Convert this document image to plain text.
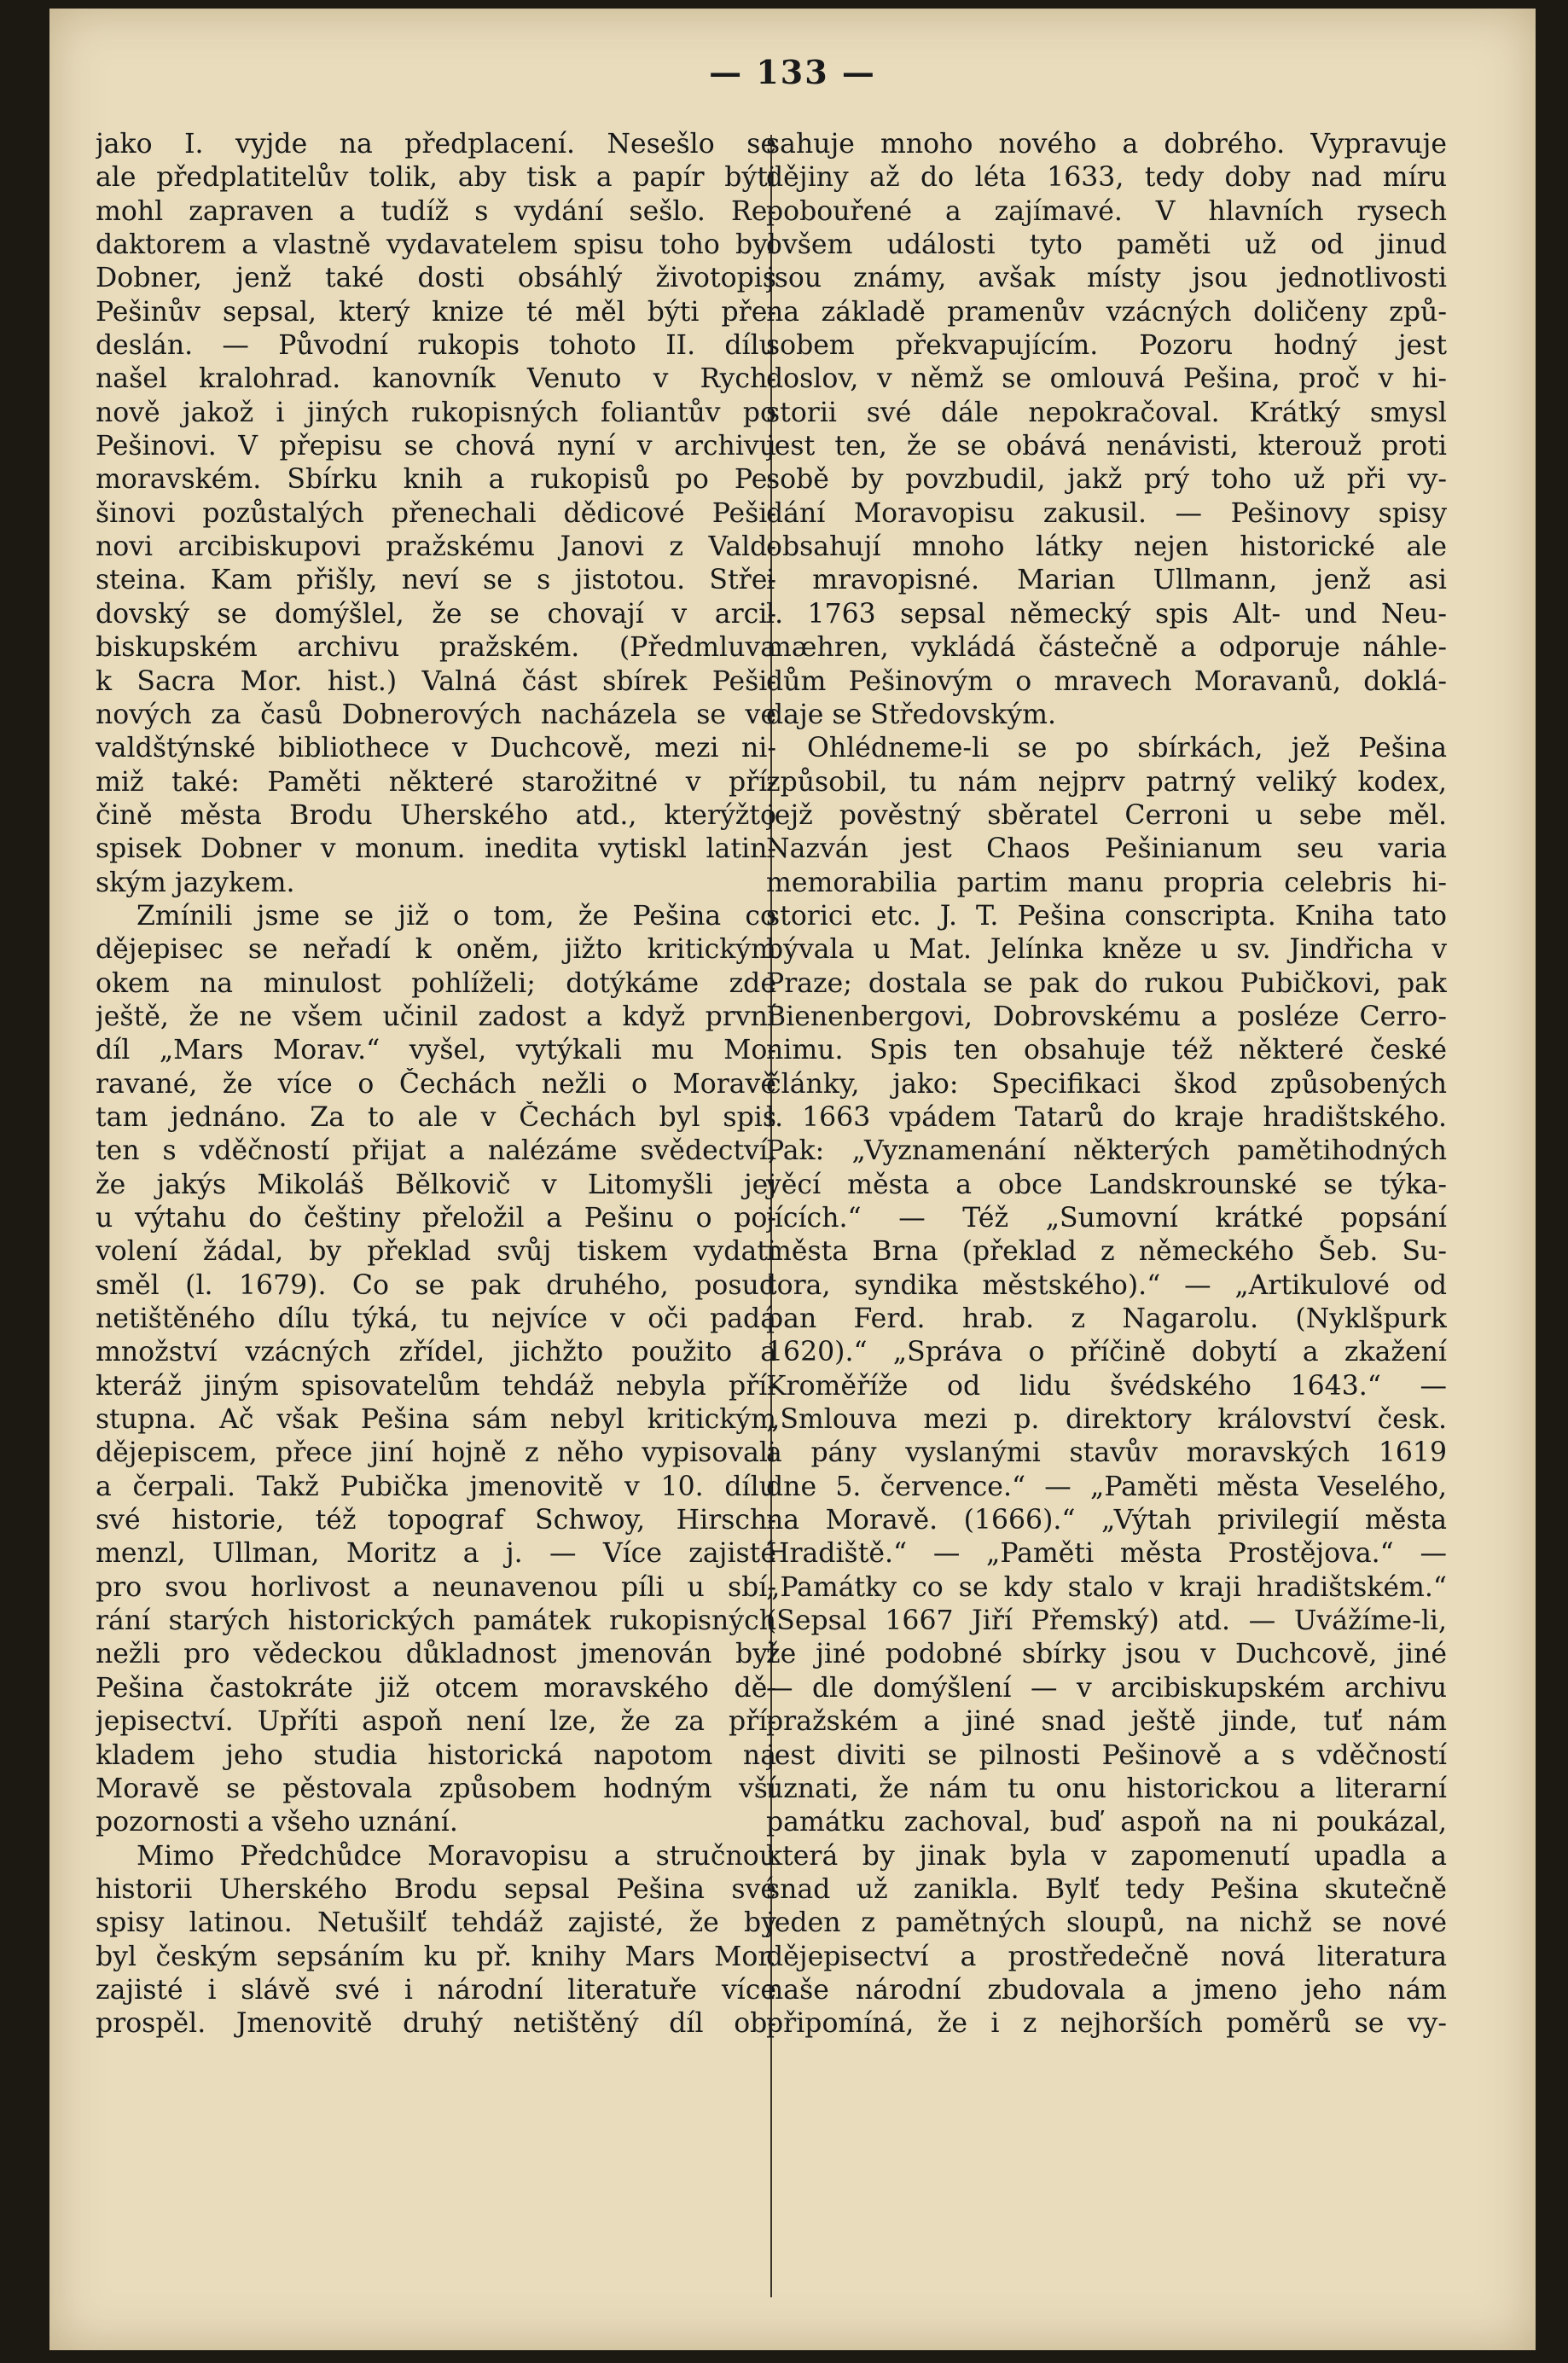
— 133 —
jako I. vyjde na předplacení. Nesešlo se
ale předplatitelův tolik, aby tisk a papír býti
mohl zapraven a tudíž s vydání sešlo. Re-
daktorem a vlastně vydavatelem spisu toho byl
Dobner, jenž také dosti obsáhlý životopis
Pešinův sepsal, který knize té měl býti pře-
deslán. — Původní rukopis tohoto II. dílu
našel kralohrad. kanovník Venuto v Rych-
nově jakož i jiných rukopisných foliantův po
Pešinovi. V přepisu se chová nyní v archivu
moravském. Sbírku knih a rukopisů po Pe-
šinovi pozůstalých přenechali dědicové Peši-
novi arcibiskupovi pražskému Janovi z Vald-
steina. Kam přišly, neví se s jistotou. Stře-
dovský se domýšlel, že se chovají v arci-
biskupském archivu pražském. (Předmluva
k Sacra Mor. hist.) Valná část sbírek Peši-
nových za časů Dobnerových nacházela se ve
valdštýnské bibliothece v Duchcově, mezi ni-
miž také: Paměti některé starožitné v pří-
čině města Brodu Uherského atd., kterýžto
spisek Dobner v monum. inedita vytiskl latin-
ským jazykem.
Zmínili jsme se již o tom, že Pešina co
dějepisec se neřadí k oněm, jižto kritickým
okem na minulost pohlíželi; dotýkáme zde
ještě, že ne všem učinil zadost a když první
díl „Mars Morav.“ vyšel, vytýkali mu Mo-
ravané, že více o Čechách nežli o Moravě
tam jednáno. Za to ale v Čechách byl spis
ten s vděčností přijat a nalézáme svědectví,
že jakýs Mikoláš Bělkovič v Litomyšli jej
u výtahu do češtiny přeložil a Pešinu o po-
volení žádal, by překlad svůj tiskem vydati
směl (l. 1679). Co se pak druhého, posud
netištěného dílu týká, tu nejvíce v oči padá
množství vzácných zřídel, jichžto použito a
kteráž jiným spisovatelům tehdáž nebyla pří-
stupna. Ač však Pešina sám nebyl kritickým
dějepiscem, přece jiní hojně z něho vypisovali
a čerpali. Takž Pubička jmenovitě v 10. dílu
své historie, též topograf Schwoy, Hirsch-
menzl, Ullman, Moritz a j. — Více zajisté
pro svou horlivost a neunavenou píli u sbí-
rání starých historických památek rukopisných
nežli pro vědeckou důkladnost jmenován byl
Pešina častokráte již otcem moravského dě-
jepisectví. Upříti aspoň není lze, že za pří-
kladem jeho studia historická napotom na
Moravě se pěstovala způsobem hodným vší
pozornosti a všeho uznání.
Mimo Předchůdce Moravopisu a stručnou
historii Uherského Brodu sepsal Pešina své
spisy latinou. Netušilť tehdáž zajisté, že by
byl českým sepsáním ku př. knihy Mars Mor.
zajisté i slávě své i národní literatuře více
prospěl. Jmenovitě druhý netištěný díl ob-
sahuje mnoho nového a dobrého. Vypravuje
dějiny až do léta 1633, tedy doby nad míru
pobouřené a zajímavé. V hlavních rysech
ovšem události tyto paměti už od jinud
jsou známy, avšak místy jsou jednotlivosti
na základě pramenův vzácných doličeny způ-
sobem překvapujícím. Pozoru hodný jest
doslov, v němž se omlouvá Pešina, proč v hi-
storii své dále nepokračoval. Krátký smysl
jest ten, že se obává nenávisti, kterouž proti
sobě by povzbudil, jakž prý toho už při vy-
dání Moravopisu zakusil. — Pešinovy spisy
obsahují mnoho látky nejen historické ale
i mravopisné. Marian Ullmann, jenž asi
l. 1763 sepsal německý spis Alt- und Neu-
mæhren, vykládá částečně a odporuje náhle-
dům Pešinovým o mravech Moravanů, doklá-
daje se Středovským.
Ohlédneme-li se po sbírkách, jež Pešina
způsobil, tu nám nejprv patrný veliký kodex,
jejž pověstný sběratel Cerroni u sebe měl.
Nazván jest Chaos Pešinianum seu varia
memorabilia partim manu propria celebris hi-
storici etc. J. T. Pešina conscripta. Kniha tato
bývala u Mat. Jelínka kněze u sv. Jindřicha v
Praze; dostala se pak do rukou Pubičkovi, pak
Bienenbergovi, Dobrovskému a posléze Cerro-
nimu. Spis ten obsahuje též některé české
články, jako: Specifikaci škod způsobených
l. 1663 vpádem Tatarů do kraje hradištského.
Pak: „Vyznamenání některých pamětihodných
věcí města a obce Landskrounské se týka-
jících.“ — Též „Sumovní krátké popsání
města Brna (překlad z německého Šeb. Su-
tora, syndika městského).“ — „Artikulové od
pan Ferd. hrab. z Nagarolu. (Nyklšpurk
1620).“ „Správa o příčině dobytí a zkažení
Kroměříže od lidu švédského 1643.“ —
„Smlouva mezi p. direktory království česk.
a pány vyslanými stavův moravských 1619
dne 5. července.“ — „Paměti města Veselého,
na Moravě. (1666).“ „Výtah privilegií města
Hradiště.“ — „Paměti města Prostějova.“ —
„Památky co se kdy stalo v kraji hradištském.“
(Sepsal 1667 Jiří Přemský) atd. — Uvážíme-li,
že jiné podobné sbírky jsou v Duchcově, jiné
— dle domýšlení — v arcibiskupském archivu
pražském a jiné snad ještě jinde, tuť nám
jest diviti se pilnosti Pešinově a s vděčností
uznati, že nám tu onu historickou a literarní
památku zachoval, buď aspoň na ni poukázal,
která by jinak byla v zapomenutí upadla a
snad už zanikla. Bylť tedy Pešina skutečně
jeden z pamětných sloupů, na nichž se nové
dějepisectví a prostředečně nová literatura
naše národní zbudovala a jmeno jeho nám
připomíná, že i z nejhorších poměrů se vy-
